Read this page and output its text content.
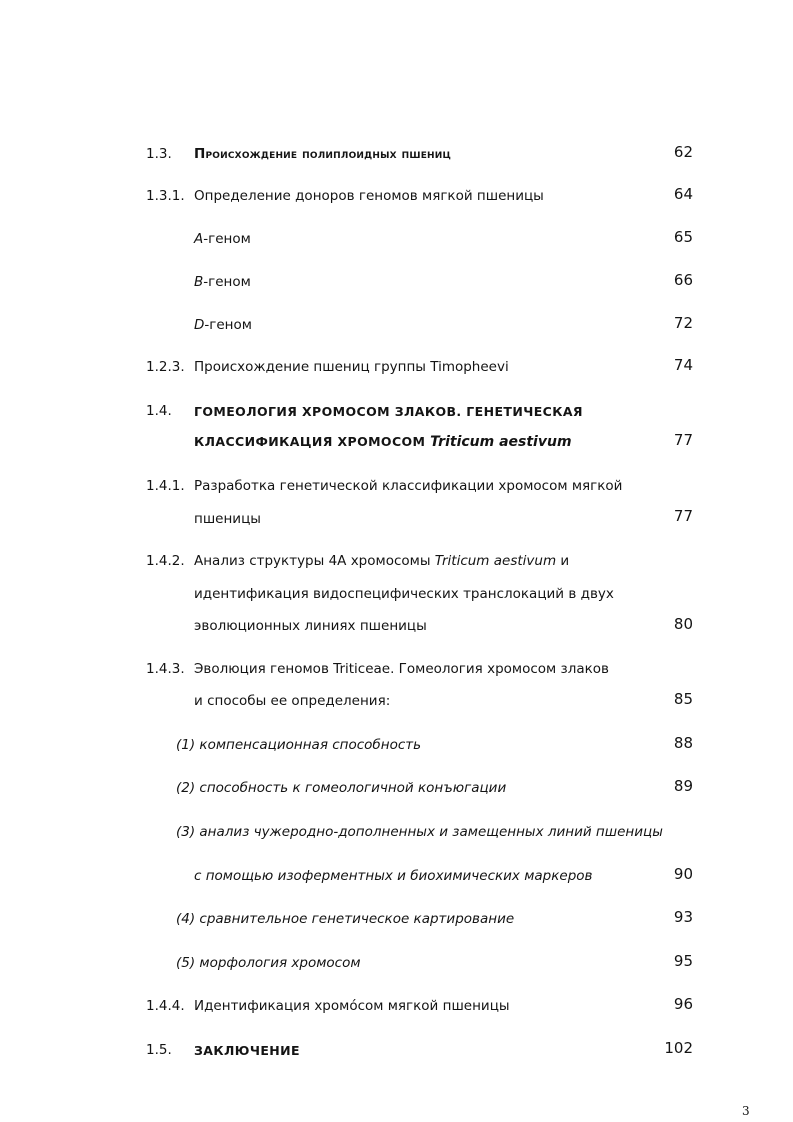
1.3. Происхождение полиплоидных пшениц	62
1.3.1. Определение доноров геномов мягкой пшеницы	64
A-геном	65
B-геном	66
D-геном	72
1.2.3. Происхождение пшениц группы Timopheevi	74
1.4. ГОМЕОЛОГИЯ ХРОМОСОМ ЗЛАКОВ. ГЕНЕТИЧЕСКАЯ
КЛАССИФИКАЦИЯ ХРОМОСОМ Triticum aestivum	77
1.4.1. Разработка генетической классификации хромосом мягкой
пшеницы	77
1.4.2. Анализ структуры 4А хромосомы Triticum aestivum и
идентификация видоспецифических транслокаций в двух
эволюционных линиях пшеницы	80
1.4.3. Эволюция геномов Triticeae. Гомеология хромосом злаков
и способы ее определения:	85
(1) компенсационная способность	88
(2) способность к гомеологичной конъюгации	89
(3) анализ чужеродно-дополненных и замещенных линий пшеницы
с помощью изоферментных и биохимических маркеров	90
(4) сравнительное генетическое картирование	93
(5) морфология хромосом	95
1.4.4. Идентификация хромóсом мягкой пшеницы	96
1.5. ЗАКЛЮЧЕНИЕ	102
3
